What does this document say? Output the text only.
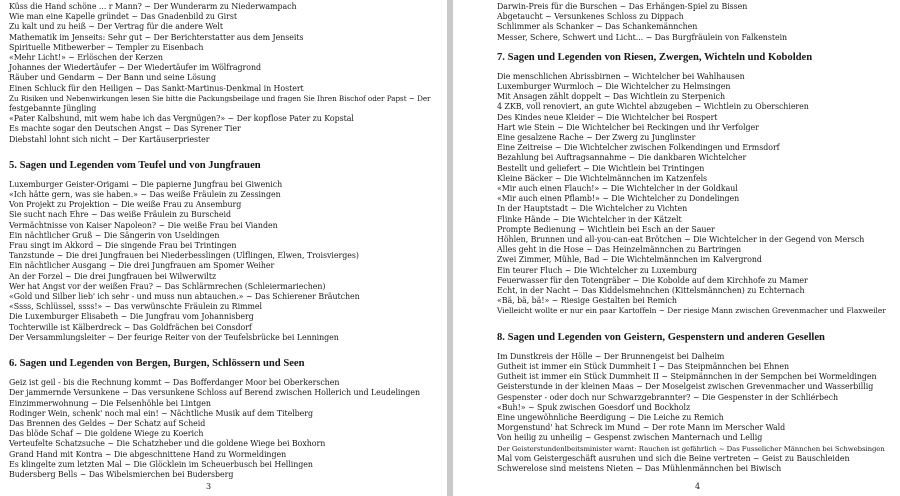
Küss die Hand schöne ... r Mann? ~ Der Wunderarm zu Niederwampach
Wie man eine Kapelle gründet ~ Das Gnadenbild zu Girst
Zu kalt und zu heiß ~ Der Vertrag für die andere Welt
Mathematik im Jenseits: Sehr gut ~ Der Berichterstatter aus dem Jenseits
Spirituelle Mitbewerber ~ Templer zu Eisenbach
«Mehr Licht!» ~ Erlöschen der Kerzen
Johannes der Wiedertäufer ~ Der Wiedertäufer im Wölfragrond
Räuber und Gendarm ~ Der Bann und seine Lösung
Einen Schluck für den Heiligen ~ Das Sankt-Martinus-Denkmal in Hostert
Zu Risiken und Nebenwirkungen lesen Sie bitte die Packungsbeilage und fragen Sie Ihren Bischof oder Papst ~ Der
festgebannte Jüngling
«Pater Kalbshund, mit wem habe ich das Vergnügen?» ~ Der kopflose Pater zu Kopstal
Es machte sogar den Deutschen Angst ~ Das Syrener Tier
Diebstahl lohnt sich nicht ~ Der Kartäuserpriester
5. Sagen und Legenden vom Teufel und von Jungfrauen
Luxemburger Geister-Origami ~ Die papierne Jungfrau bei Giwenich
«Ich hätte gern, was sie haben.» ~ Das weiße Fräulein zu Zessingen
Von Projekt zu Projektion ~ Die weiße Frau zu Ansemburg
Sie sucht nach Ehre ~ Das weiße Fräulein zu Burscheid
Vermächtnisse von Kaiser Napoleon? ~ Die weiße Frau bei Vianden
Ein nächtlicher Gruß ~ Die Sängerin von Useldingen
Frau singt im Akkord ~ Die singende Frau bei Trintingen
Tanzstunde ~ Die drei Jungfrauen bei Niederbesslingen (Ulflingen, Elwen, Troisvierges)
Ein nächtlicher Ausgang ~ Die drei Jungfrauen am Spomer Weiher
An der Forzel ~ Die drei Jungfrauen bei Wilwerwiltz
Wer hat Angst vor der weißen Frau? ~ Das Schlärmrechen (Schleiermariechen)
«Gold und Silber lieb' ich sehr - und muss nun abtauchen.» ~ Das Schierener Bräutchen
«Ssss, Schlüssel, ssss!» ~ Das verwünschte Fräulein zu Rimmel
Die Luxemburger Elisabeth ~ Die Jungfrau vom Johannisberg
Tochterwille ist Kälberdreck ~ Das Goldfrächen bei Consdorf
Der Versammlungsleiter ~ Der feurige Reiter von der Teufelsbrücke bei Lenningen
6. Sagen und Legenden von Bergen, Burgen, Schlössern und Seen
Geiz ist geil - bis die Rechnung kommt ~ Das Bofferdanger Moor bei Oberkerschen
Der jammernde Versunkene ~ Das versunkene Schloss auf Berend zwischen Hollerich und Leudelingen
Einzimmerwohnung ~ Die Felsenhöhle bei Lintgen
Rodinger Wein, schenk' noch mal ein! ~ Nächtliche Musik auf dem Titelberg
Das Brennen des Geldes ~ Der Schatz auf Scheid
Das blöde Schaf ~ Die goldene Wiege zu Koerich
Verteufelte Schatzsuche ~ Die Schatzheber und die goldene Wiege bei Boxhorn
Grand Hand mit Kontra ~ Die abgeschnittene Hand zu Wormeldingen
Es klingelte zum letzten Mal ~ Die Glöcklein im Scheuerbusch bei Hellingen
Budersberg Bells ~ Das Wibelsmierchen bei Budersberg
3
Darwin-Preis für die Burschen ~ Das Erhängen-Spiel zu Bissen
Abgetaucht ~ Versunkenes Schloss zu Dippach
Schlimmer als Schanker ~ Das Schankemännchen
Messer, Schere, Schwert und Licht... ~ Das Burgfräulein von Falkenstein
7. Sagen und Legenden von Riesen, Zwergen, Wichteln und Kobolden
Die menschlichen Abrissbirnen ~ Wichtelcher bei Wahlhausen
Luxemburger Wurmloch ~ Die Wichtelcher zu Helmsingen
Mit Ansagen zählt doppelt ~ Das Wichtlein zu Sterpenich
4 ZKB, voll renoviert, an gute Wichtel abzugeben ~ Wichtlein zu Oberschieren
Des Kindes neue Kleider ~ Die Wichtelcher bei Rospert
Hart wie Stein ~ Die Wichtelcher bei Reckingen und ihr Verfolger
Eine gesalzene Rache ~ Der Zwerg zu Junglinster
Eine Zeitreise ~ Die Wichtelcher zwischen Folkendingen und Ermsdorf
Bezahlung bei Auftragsannahme ~ Die dankbaren Wichtelcher
Bestellt und geliefert ~ Die Wichtlein bei Trintingen
Kleine Bäcker ~ Die Wichtelmännchen im Katzenfels
«Mir auch einen Flauch!» ~ Die Wichtelcher in der Goldkaul
«Mir auch einen Pflamb!» ~ Die Wichtelcher zu Dondelingen
In der Hauptstadt ~ Die Wichtelcher zu Vichten
Flinke Hände ~ Die Wichtelcher in der Kätzelt
Prompte Bedienung ~ Wichtlein bei Esch an der Sauer
Höhlen, Brunnen und all-you-can-eat Brötchen ~ Die Wichtelcher in der Gegend von Mersch
Alles geht in die Hose ~ Das Heinzelmännchen zu Bartringen
Zwei Zimmer, Mühle, Bad ~ Die Wichtelmännchen im Kalvergrond
Ein teurer Fluch ~ Die Wichtelcher zu Luxemburg
Feuerwasser für den Totengräber ~ Die Kobolde auf dem Kirchhofe zu Mamer
Echt, in der Nacht ~ Das Kiddelsmehnchen (Kittelsmännchen) zu Echternach
«Bä, bä, bä!» ~ Riesige Gestalten bei Remich
Vielleicht wollte er nur ein paar Kartoffeln ~ Der riesige Mann zwischen Grevenmacher und Flaxweiler
8. Sagen und Legenden von Geistern, Gespenstern und anderen Gesellen
Im Dunstkreis der Hölle ~ Der Brunnengeist bei Dalheim
Gutheit ist immer ein Stück Dummheit I ~ Das Steipmännchen bei Ehnen
Gutheit ist immer ein Stück Dummheit II ~ Steipmännchen in der Sempchen bei Wormeldingen
Geisterstunde in der kleinen Maas ~ Der Moselgeist zwischen Grevenmacher und Wasserbillig
Gespenster - oder doch nur Schwarzgebrannter? ~ Die Gespenster in der Schliérbech
«Buh!» ~ Spuk zwischen Goesdorf und Bockholz
Eine ungewöhnliche Beerdigung ~ Die Leiche zu Remich
Morgenstund' hat Schreck im Mund ~ Der rote Mann im Merscher Wald
Von heilig zu unheilig ~ Gespenst zwischen Manternach und Lellig
Der Geisterstundenlbeitsminister warnt: Rauchen ist gefährlich ~ Das Fusselicher Männchen bei Schwebsingen
Mal vom Geistergeschäft ausruhen und sich die Beine vertreten ~ Geist zu Bauschleiden
Schwerelose sind meistens Nieten ~ Das Mühlenmännchen bei Biwisch
4
